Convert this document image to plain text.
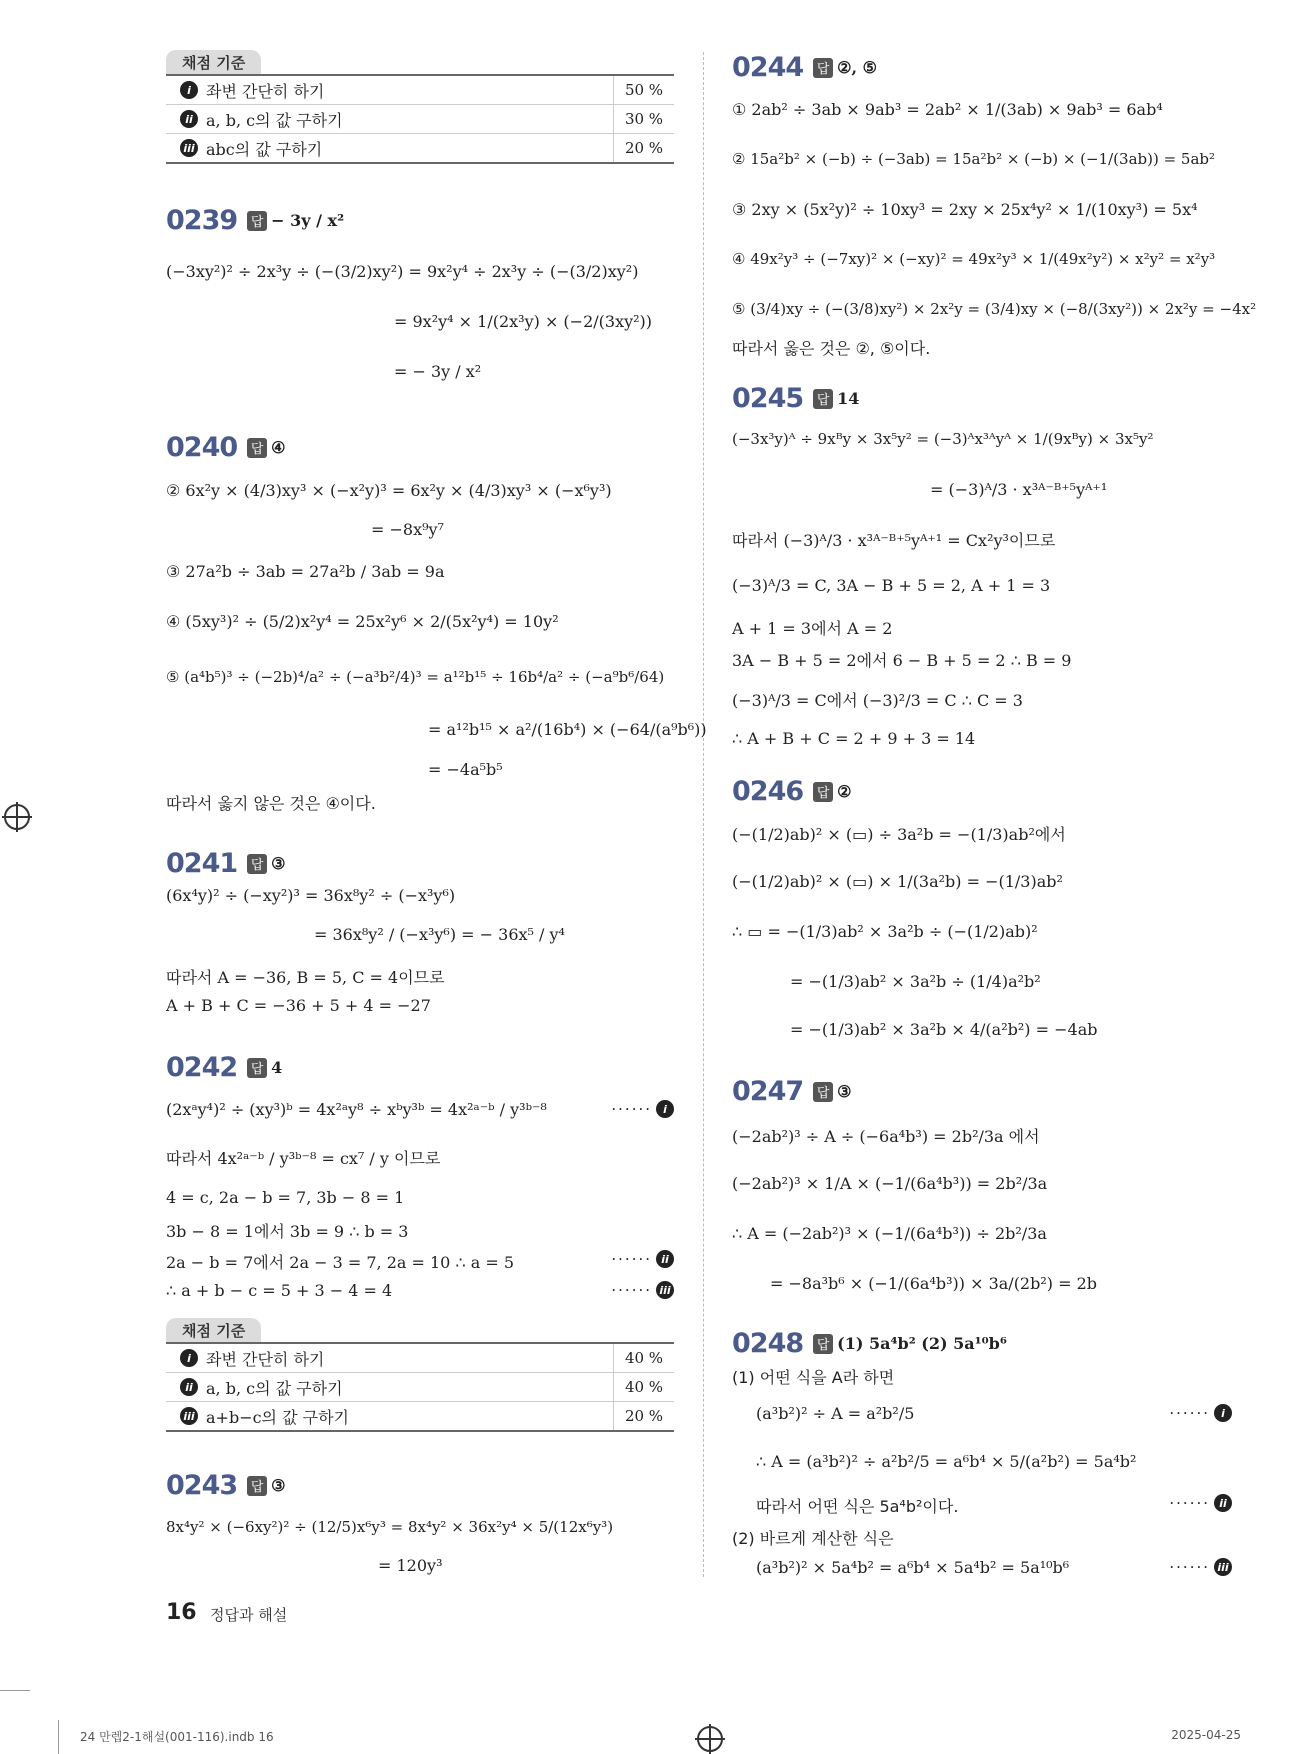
채점 기준
i 좌변 간단히 하기	50 %
ii a, b, c의 값 구하기	30 %
iii abc의 값 구하기	20 %
0239 답 − 3y / x²
(−3xy²)² ÷ 2x³y ÷ (−(3/2)xy²) = 9x²y⁴ ÷ 2x³y ÷ (−(3/2)xy²)
= 9x²y⁴ × 1/(2x³y) × (−2/(3xy²))
= − 3y / x²
0240 답 ④
② 6x²y × (4/3)xy³ × (−x²y)³ = 6x²y × (4/3)xy³ × (−x⁶y³)
= −8x⁹y⁷
③ 27a²b ÷ 3ab = 27a²b / 3ab = 9a
④ (5xy³)² ÷ (5/2)x²y⁴ = 25x²y⁶ × 2/(5x²y⁴) = 10y²
⑤ (a⁴b⁵)³ ÷ (−2b)⁴/a² ÷ (−a³b²/4)³ = a¹²b¹⁵ ÷ 16b⁴/a² ÷ (−a⁹b⁶/64)
= a¹²b¹⁵ × a²/(16b⁴) × (−64/(a⁹b⁶))
= −4a⁵b⁵
따라서 옳지 않은 것은 ④이다.
0241 답 ③
(6x⁴y)² ÷ (−xy²)³ = 36x⁸y² ÷ (−x³y⁶)
= 36x⁸y² / (−x³y⁶) = − 36x⁵ / y⁴
따라서 A = −36, B = 5, C = 4이므로
A + B + C = −36 + 5 + 4 = −27
0242 답 4
(2xᵃy⁴)² ÷ (xy³)ᵇ = 4x²ᵃy⁸ ÷ xᵇy³ᵇ = 4x²ᵃ⁻ᵇ / y³ᵇ⁻⁸
따라서 4x²ᵃ⁻ᵇ / y³ᵇ⁻⁸ = cx⁷ / y 이므로
4 = c, 2a − b = 7, 3b − 8 = 1
3b − 8 = 1에서 3b = 9 ∴ b = 3
2a − b = 7에서 2a − 3 = 7, 2a = 10 ∴ a = 5
∴ a + b − c = 5 + 3 − 4 = 4
······	i
······ ii
······ iii
채점 기준
i 좌변 간단히 하기	40 %
ii a, b, c의 값 구하기	40 %
iii a+b−c의 값 구하기	20 %
0243 답 ③
8x⁴y² × (−6xy²)² ÷ (12/5)x⁶y³ = 8x⁴y² × 36x²y⁴ × 5/(12x⁶y³)
= 120y³
0244 답 ②, ⑤
① 2ab² ÷ 3ab × 9ab³ = 2ab² × 1/(3ab) × 9ab³ = 6ab⁴
② 15a²b² × (−b) ÷ (−3ab) = 15a²b² × (−b) × (−1/(3ab)) = 5ab²
③ 2xy × (5x²y)² ÷ 10xy³ = 2xy × 25x⁴y² × 1/(10xy³) = 5x⁴
④ 49x²y³ ÷ (−7xy)² × (−xy)² = 49x²y³ × 1/(49x²y²) × x²y² = x²y³
⑤ (3/4)xy ÷ (−(3/8)xy²) × 2x²y = (3/4)xy × (−8/(3xy²)) × 2x²y = −4x²
따라서 옳은 것은 ②, ⑤이다.
0245 답 14
(−3x³y)ᴬ ÷ 9xᴮy × 3x⁵y² = (−3)ᴬx³ᴬyᴬ × 1/(9xᴮy) × 3x⁵y²
= (−3)ᴬ/3 · x³ᴬ⁻ᴮ⁺⁵yᴬ⁺¹
따라서 (−3)ᴬ/3 · x³ᴬ⁻ᴮ⁺⁵yᴬ⁺¹ = Cx²y³이므로
(−3)ᴬ/3 = C, 3A − B + 5 = 2, A + 1 = 3
A + 1 = 3에서 A = 2
3A − B + 5 = 2에서 6 − B + 5 = 2 ∴ B = 9
(−3)ᴬ/3 = C에서 (−3)²/3 = C ∴ C = 3
∴ A + B + C = 2 + 9 + 3 = 14
0246 답 ②
(−(1/2)ab)² × (▭) ÷ 3a²b = −(1/3)ab²에서
(−(1/2)ab)² × (▭) × 1/(3a²b) = −(1/3)ab²
∴ ▭ = −(1/3)ab² × 3a²b ÷ (−(1/2)ab)²
= −(1/3)ab² × 3a²b ÷ (1/4)a²b²
= −(1/3)ab² × 3a²b × 4/(a²b²) = −4ab
0247 답 ③
(−2ab²)³ ÷ A ÷ (−6a⁴b³) = 2b²/3a 에서
(−2ab²)³ × 1/A × (−1/(6a⁴b³)) = 2b²/3a
∴ A = (−2ab²)³ × (−1/(6a⁴b³)) ÷ 2b²/3a
= −8a³b⁶ × (−1/(6a⁴b³)) × 3a/(2b²) = 2b
0248 답 (1) 5a⁴b² (2) 5a¹⁰b⁶
(1) 어떤 식을 A라 하면
(a³b²)² ÷ A = a²b²/5
∴ A = (a³b²)² ÷ a²b²/5 = a⁶b⁴ × 5/(a²b²) = 5a⁴b²
따라서 어떤 식은 5a⁴b²이다.
(2) 바르게 계산한 식은
(a³b²)² × 5a⁴b² = a⁶b⁴ × 5a⁴b² = 5a¹⁰b⁶
······	i
······ ii
······ iii
16 정답과 해설
24 만렙2-1해설(001-116).indb 16	2025-04-25
